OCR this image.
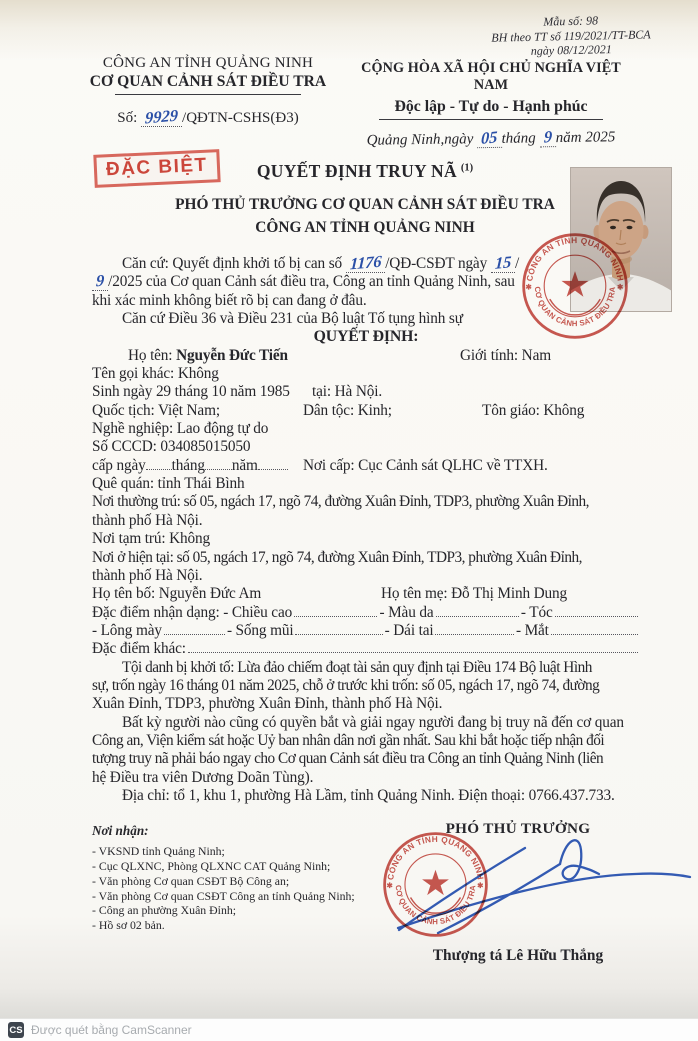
Mẫu số: 98
BH theo TT số 119/2021/TT-BCA
ngày 08/12/2021
CÔNG AN TỈNH QUẢNG NINH
CƠ QUAN CẢNH SÁT ĐIỀU TRA
Số: 9929 /QĐTN-CSHS(Đ3)
CỘNG HÒA XÃ HỘI CHỦ NGHĨA VIỆT NAM
Độc lập - Tự do - Hạnh phúc
Quảng Ninh,ngày 05 tháng 9 năm 2025
ĐẶC BIỆT	QUYẾT ĐỊNH TRUY NÃ $^{(1)}$
PHÓ THỦ TRƯỞNG CƠ QUAN CẢNH SÁT ĐIỀU TRA
CÔNG AN TỈNH QUẢNG NINH
CÔNG AN TỈNH QUẢNG NINH
CƠ QUAN CẢNH SÁT ĐIỀU TRA
✱	✱
Căn cứ: Quyết định khởi tố bị can số 1176 /QĐ-CSĐT ngày 15 /
9 /2025 của Cơ quan Cảnh sát điều tra, Công an tỉnh Quảng Ninh, sau
khi xác minh không biết rõ bị can đang ở đâu.
Căn cứ Điều 36 và Điều 231 của Bộ luật Tố tụng hình sự
QUYẾT ĐỊNH:
Họ tên: Nguyễn Đức Tiến	Giới tính: Nam
Tên gọi khác: Không
Sinh ngày 29 tháng 10 năm 1985 tại: Hà Nội.
Quốc tịch: Việt Nam;	Dân tộc: Kinh;	Tôn giáo: Không
Nghề nghiệp: Lao động tự do
Số CCCD: 034085015050
cấp ngày tháng năm	Nơi cấp: Cục Cảnh sát QLHC về TTXH.
Quê quán: tỉnh Thái Bình
Nơi thường trú: số 05, ngách 17, ngõ 74, đường Xuân Đỉnh, TDP3, phường Xuân Đỉnh,
thành phố Hà Nội.
Nơi tạm trú: Không
Nơi ở hiện tại: số 05, ngách 17, ngõ 74, đường Xuân Đỉnh, TDP3, phường Xuân Đỉnh,
thành phố Hà Nội.
Họ tên bố: Nguyễn Đức Am	Họ tên mẹ: Đỗ Thị Minh Dung
Đặc điểm nhận dạng: - Chiều cao	- Màu da	- Tóc
- Lông mày	- Sống mũi	- Dái tai	- Mắt
Đặc điểm khác:
Tội danh bị khởi tố: Lừa đảo chiếm đoạt tài sản quy định tại Điều 174 Bộ luật Hình
sự, trốn ngày 16 tháng 01 năm 2025, chỗ ở trước khi trốn: số 05, ngách 17, ngõ 74, đường
Xuân Đỉnh, TDP3, phường Xuân Đỉnh, thành phố Hà Nội.
Bất kỳ người nào cũng có quyền bắt và giải ngay người đang bị truy nã đến cơ quan
Công an, Viện kiểm sát hoặc Uỷ ban nhân dân nơi gần nhất. Sau khi bắt hoặc tiếp nhận đối
tượng truy nã phải báo ngay cho Cơ quan Cảnh sát điều tra Công an tỉnh Quảng Ninh (liên
hệ Điều tra viên Dương Doãn Tùng).
Địa chỉ: tổ 1, khu 1, phường Hà Lầm, tỉnh Quảng Ninh. Điện thoại: 0766.437.733.
Nơi nhận:
- VKSND tỉnh Quảng Ninh;
- Cục QLXNC, Phòng QLXNC CAT Quảng Ninh;
- Văn phòng Cơ quan CSĐT Bộ Công an;
- Văn phòng Cơ quan CSĐT Công an tỉnh Quảng Ninh;
- Công an phường Xuân Đỉnh;
- Hồ sơ 02 bản.
PHÓ THỦ TRƯỞNG
CÔNG AN TỈNH QUẢNG NINH
CƠ QUAN CẢNH SÁT ĐIỀU TRA
✱	✱
Thượng tá Lê Hữu Thắng
CS Được quét bằng CamScanner
